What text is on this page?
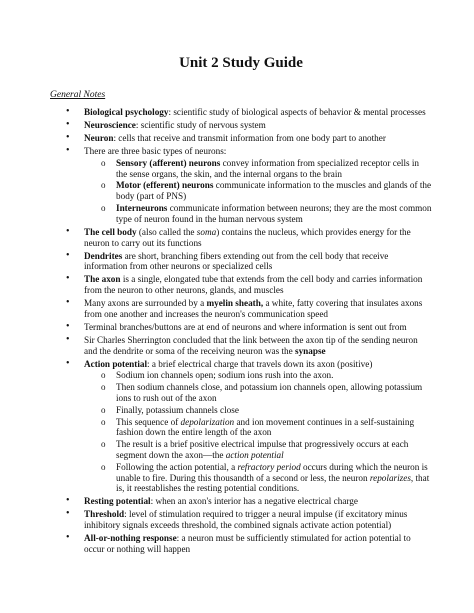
Unit 2 Study Guide
General Notes
• Biological psychology: scientific study of biological aspects of behavior & mental processes
• Neuroscience: scientific study of nervous system
• Neuron: cells that receive and transmit information from one body part to another
• There are three basic types of neurons:
o Sensory (afferent) neurons convey information from specialized receptor cells in the sense organs, the skin, and the internal organs to the brain
o Motor (efferent) neurons communicate information to the muscles and glands of the body (part of PNS)
o Interneurons communicate information between neurons; they are the most common type of neuron found in the human nervous system
• The cell body (also called the soma) contains the nucleus, which provides energy for the neuron to carry out its functions
• Dendrites are short, branching fibers extending out from the cell body that receive information from other neurons or specialized cells
• The axon is a single, elongated tube that extends from the cell body and carries information from the neuron to other neurons, glands, and muscles
• Many axons are surrounded by a myelin sheath, a white, fatty covering that insulates axons from one another and increases the neuron's communication speed
• Terminal branches/buttons are at end of neurons and where information is sent out from
• Sir Charles Sherrington concluded that the link between the axon tip of the sending neuron and the dendrite or soma of the receiving neuron was the synapse
• Action potential: a brief electrical charge that travels down its axon (positive)
o Sodium ion channels open; sodium ions rush into the axon.
o Then sodium channels close, and potassium ion channels open, allowing potassium ions to rush out of the axon
o Finally, potassium channels close
o This sequence of depolarization and ion movement continues in a self-sustaining fashion down the entire length of the axon
o The result is a brief positive electrical impulse that progressively occurs at each segment down the axon—the action potential
o Following the action potential, a refractory period occurs during which the neuron is unable to fire. During this thousandth of a second or less, the neuron repolarizes, that is, it reestablishes the resting potential conditions.
• Resting potential: when an axon's interior has a negative electrical charge
• Threshold: level of stimulation required to trigger a neural impulse (if excitatory minus inhibitory signals exceeds threshold, the combined signals activate action potential)
• All-or-nothing response: a neuron must be sufficiently stimulated for action potential to occur or nothing will happen
